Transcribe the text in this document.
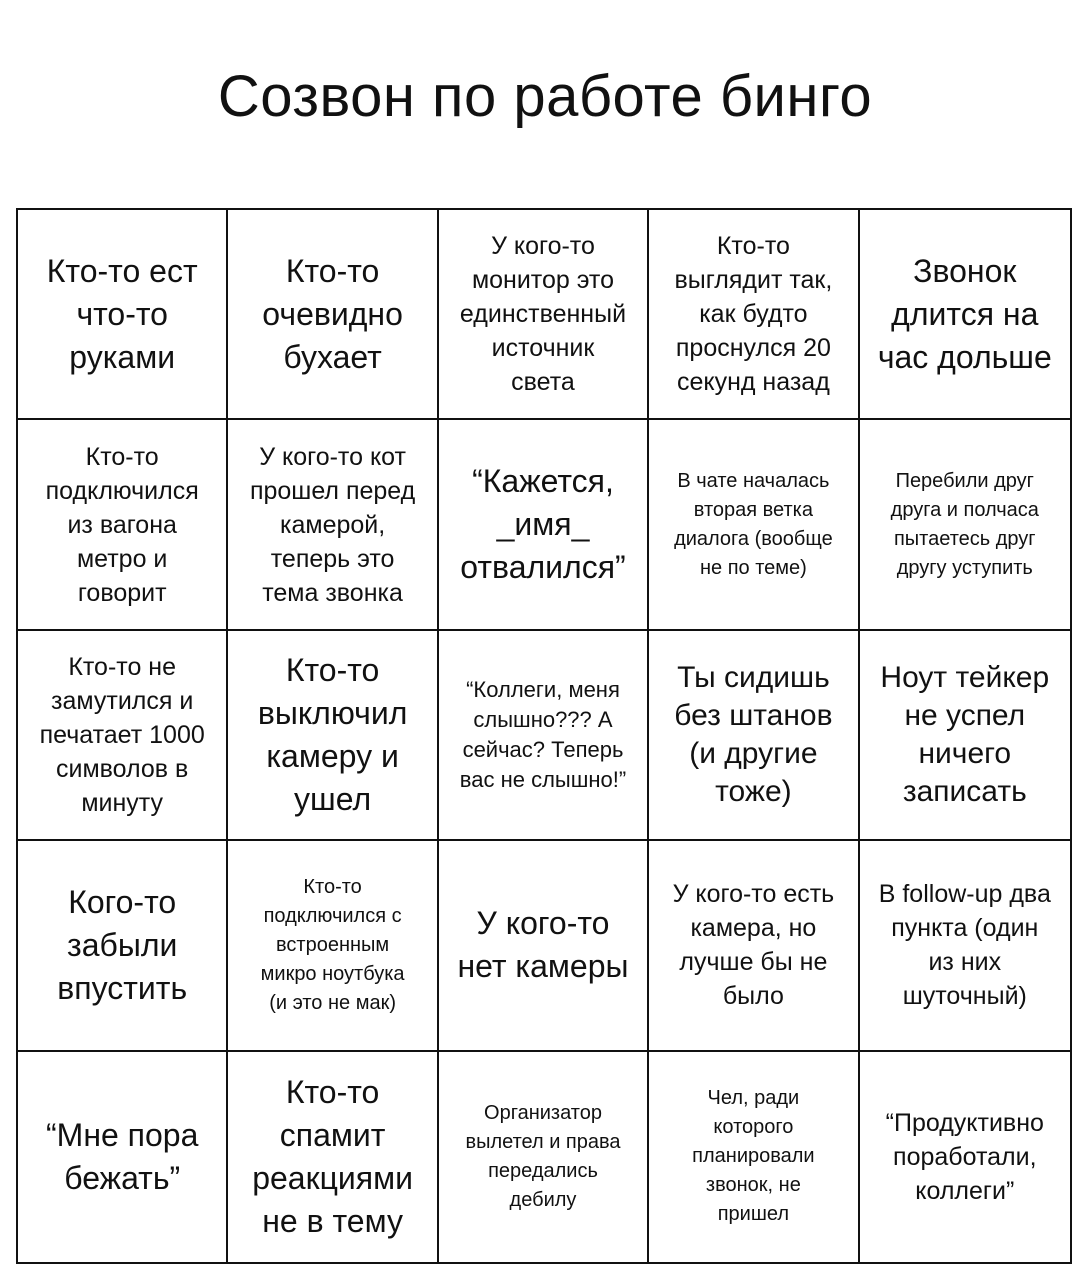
Созвон по работе бинго
Кто-то ест
что-то
руками
Кто-то
очевидно
бухает
У кого-то
монитор это
единственный
источник
света
Кто-то
выглядит так,
как будто
проснулся 20
секунд назад
Звонок
длится на
час дольше
Кто-то
подключился
из вагона
метро и
говорит
У кого-то кот
прошел перед
камерой,
теперь это
тема звонка
“Кажется,
_имя_
отвалился”
В чате началась
вторая ветка
диалога (вообще
не по теме)
Перебили друг
друга и полчаса
пытаетесь друг
другу уступить
Кто-то не
замутился и
печатает 1000
символов в
минуту
Кто-то
выключил
камеру и
ушел
“Коллеги, меня
слышно??? А
сейчас? Теперь
вас не слышно!”
Ты сидишь
без штанов
(и другие
тоже)
Ноут тейкер
не успел
ничего
записать
Кого-то
забыли
впустить
Кто-то
подключился с
встроенным
микро ноутбука
(и это не мак)
У кого-то
нет камеры
У кого-то есть
камера, но
лучше бы не
было
В follow-up два
пункта (один
из них
шуточный)
“Мне пора
бежать”
Кто-то
спамит
реакциями
не в тему
Организатор
вылетел и права
передались
дебилу
Чел, ради
которого
планировали
звонок, не
пришел
“Продуктивно
поработали,
коллеги”
